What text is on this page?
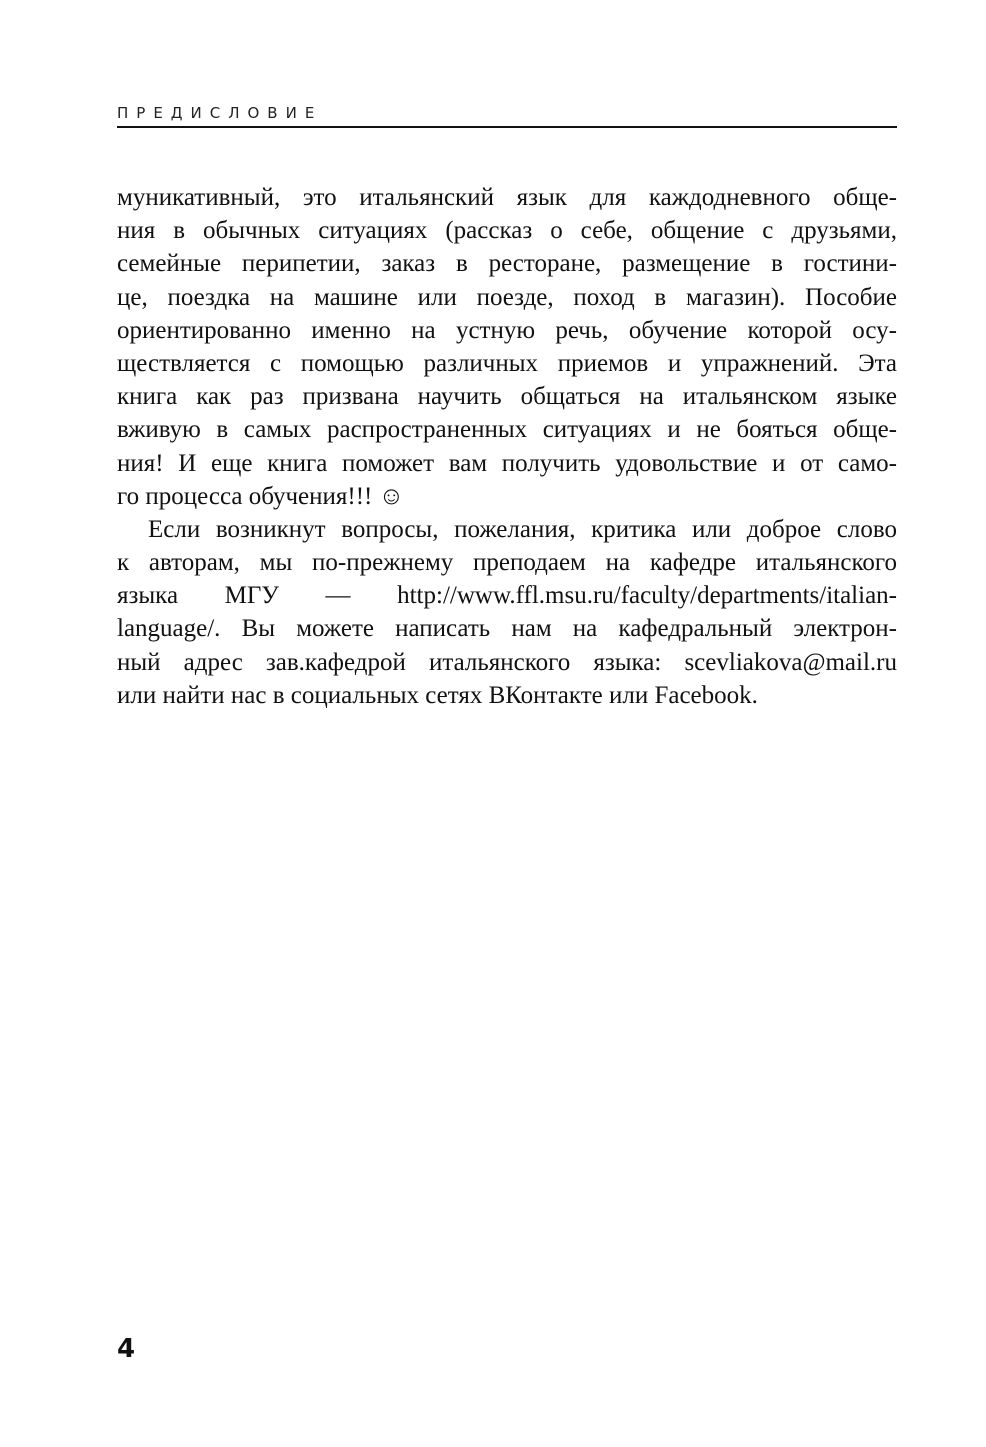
ПРЕДИСЛОВИЕ
муникативный, это итальянский язык для каждодневного обще-
ния в обычных ситуациях (рассказ о себе, общение с друзьями,
семейные перипетии, заказ в ресторане, размещение в гостини-
це, поездка на машине или поезде, поход в магазин). Пособие
ориентированно именно на устную речь, обучение которой осу-
ществляется с помощью различных приемов и упражнений. Эта
книга как раз призвана научить общаться на итальянском языке
вживую в самых распространенных ситуациях и не бояться обще-
ния! И еще книга поможет вам получить удовольствие и от само-
го процесса обучения!!! ☺
Если возникнут вопросы, пожелания, критика или доброе слово
к авторам, мы по-прежнему преподаем на кафедре итальянского
языка МГУ — http://www.ffl.msu.ru/faculty/departments/italian-
language/. Вы можете написать нам на кафедральный электрон-
ный адрес зав.кафедрой итальянского языка: scevliakova@mail.ru
или найти нас в социальных сетях ВКонтакте или Facebook.
4
